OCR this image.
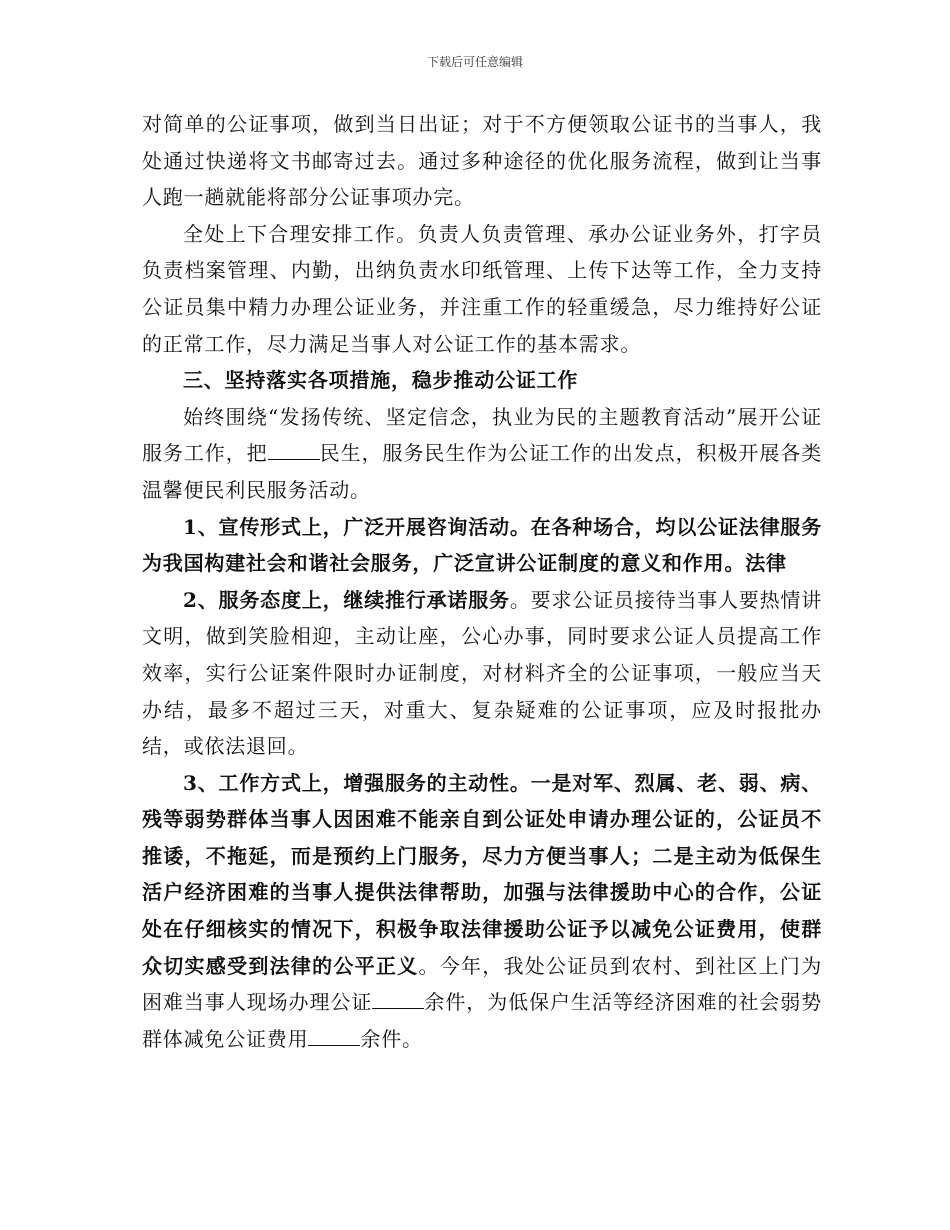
下载后可任意编辑

对简单的公证事项，做到当日出证；对于不方便领取公证书的当事人，我处通过快递将文书邮寄过去。通过多种途径的优化服务流程，做到让当事人跑一趟就能将部分公证事项办完。

全处上下合理安排工作。负责人负责管理、承办公证业务外，打字员负责档案管理、内勤，出纳负责水印纸管理、上传下达等工作，全力支持公证员集中精力办理公证业务，并注重工作的轻重缓急，尽力维持好公证的正常工作，尽力满足当事人对公证工作的基本需求。

三、坚持落实各项措施，稳步推动公证工作

始终围绕“发扬传统、坚定信念，执业为民的主题教育活动”展开公证服务工作，把	民生，服务民生作为公证工作的出发点，积极开展各类温馨便民利民服务活动。

1、宣传形式上，广泛开展咨询活动。在各种场合，均以公证法律服务为我国构建社会和谐社会服务，广泛宣讲公证制度的意义和作用。法律

2、服务态度上，继续推行承诺服务。要求公证员接待当事人要热情讲文明，做到笑脸相迎，主动让座，公心办事，同时要求公证人员提高工作效率，实行公证案件限时办证制度，对材料齐全的公证事项，一般应当天办结，最多不超过三天，对重大、复杂疑难的公证事项，应及时报批办结，或依法退回。

3、工作方式上，增强服务的主动性。一是对军、烈属、老、弱、病、残等弱势群体当事人因困难不能亲自到公证处申请办理公证的，公证员不推诿，不拖延，而是预约上门服务，尽力方便当事人；二是主动为低保生活户经济困难的当事人提供法律帮助，加强与法律援助中心的合作，公证处在仔细核实的情况下，积极争取法律援助公证予以减免公证费用，使群众切实感受到法律的公平正义。今年，我处公证员到农村、到社区上门为困难当事人现场办理公证	余件，为低保户生活等经济困难的社会弱势群体减免公证费用	余件。
